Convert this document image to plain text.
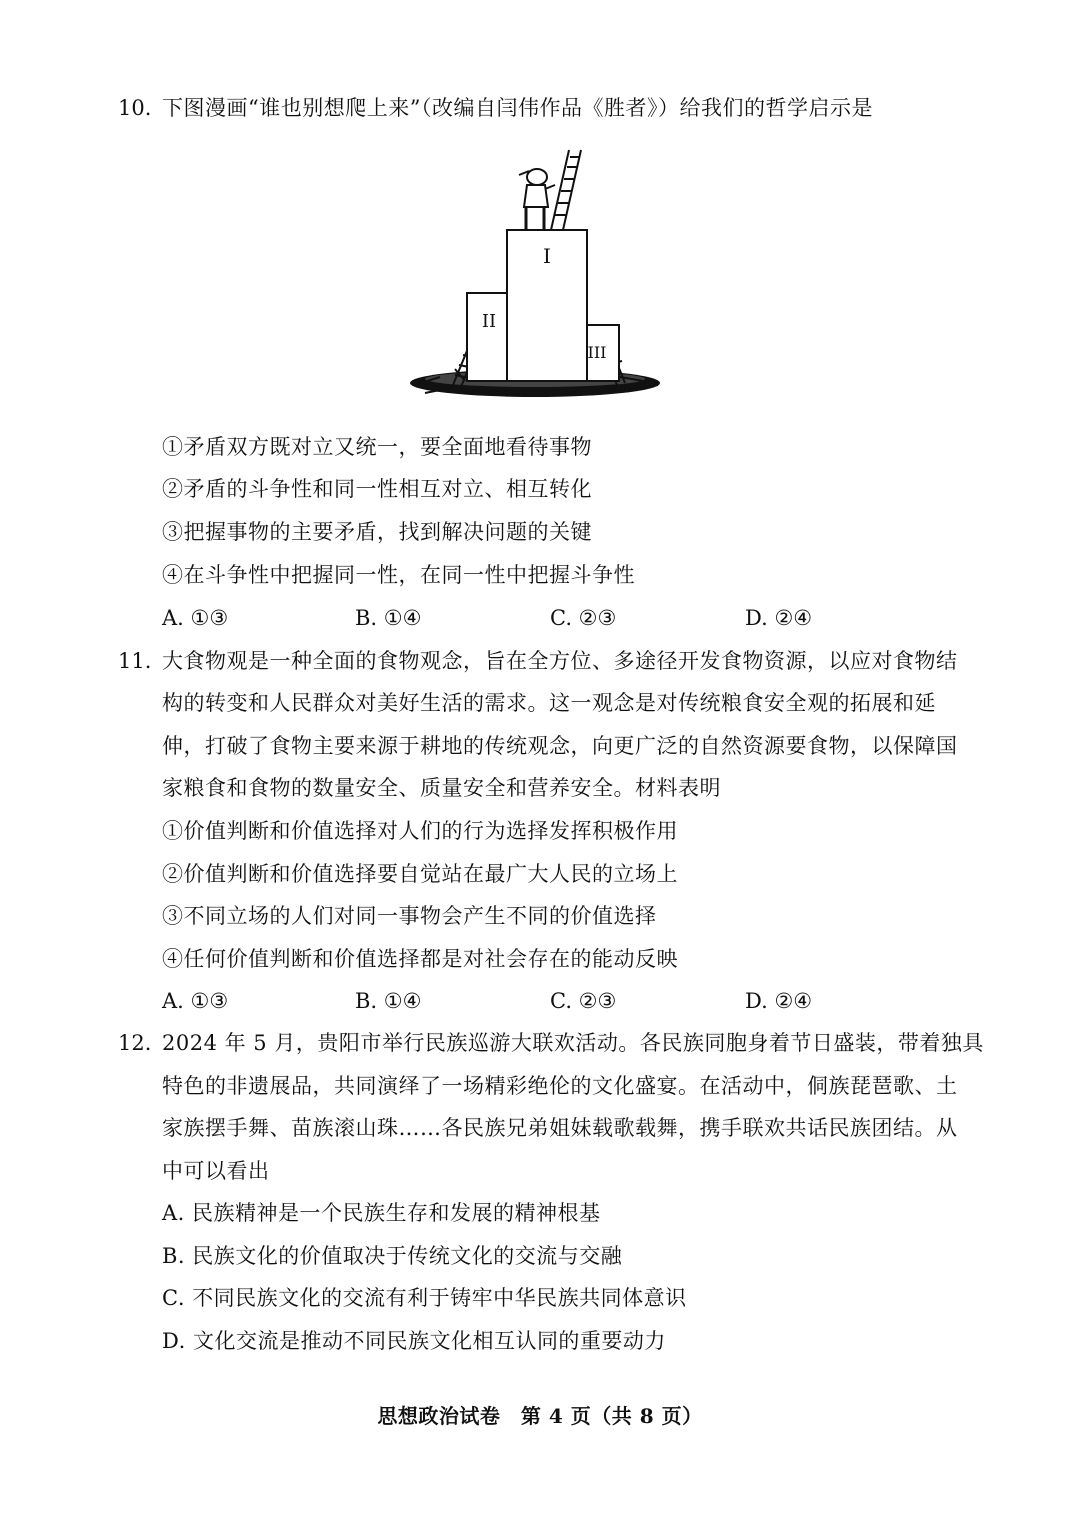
10. 下图漫画“谁也别想爬上来”（改编自闫伟作品《胜者》）给我们的哲学启示是
I
II
III
①矛盾双方既对立又统一，要全面地看待事物
②矛盾的斗争性和同一性相互对立、相互转化
③把握事物的主要矛盾，找到解决问题的关键
④在斗争性中把握同一性，在同一性中把握斗争性
A. ①③	B. ①④	C. ②③	D. ②④
11. 大食物观是一种全面的食物观念，旨在全方位、多途径开发食物资源，以应对食物结
构的转变和人民群众对美好生活的需求。这一观念是对传统粮食安全观的拓展和延
伸，打破了食物主要来源于耕地的传统观念，向更广泛的自然资源要食物，以保障国
家粮食和食物的数量安全、质量安全和营养安全。材料表明
①价值判断和价值选择对人们的行为选择发挥积极作用
②价值判断和价值选择要自觉站在最广大人民的立场上
③不同立场的人们对同一事物会产生不同的价值选择
④任何价值判断和价值选择都是对社会存在的能动反映
A. ①③	B. ①④	C. ②③	D. ②④
12. 2024 年 5 月，贵阳市举行民族巡游大联欢活动。各民族同胞身着节日盛装，带着独具
特色的非遗展品，共同演绎了一场精彩绝伦的文化盛宴。在活动中，侗族琵琶歌、土
家族摆手舞、苗族滚山珠……各民族兄弟姐妹载歌载舞，携手联欢共话民族团结。从
中可以看出
A. 民族精神是一个民族生存和发展的精神根基
B. 民族文化的价值取决于传统文化的交流与交融
C. 不同民族文化的交流有利于铸牢中华民族共同体意识
D. 文化交流是推动不同民族文化相互认同的重要动力
思想政治试卷　第 4 页（共 8 页）
